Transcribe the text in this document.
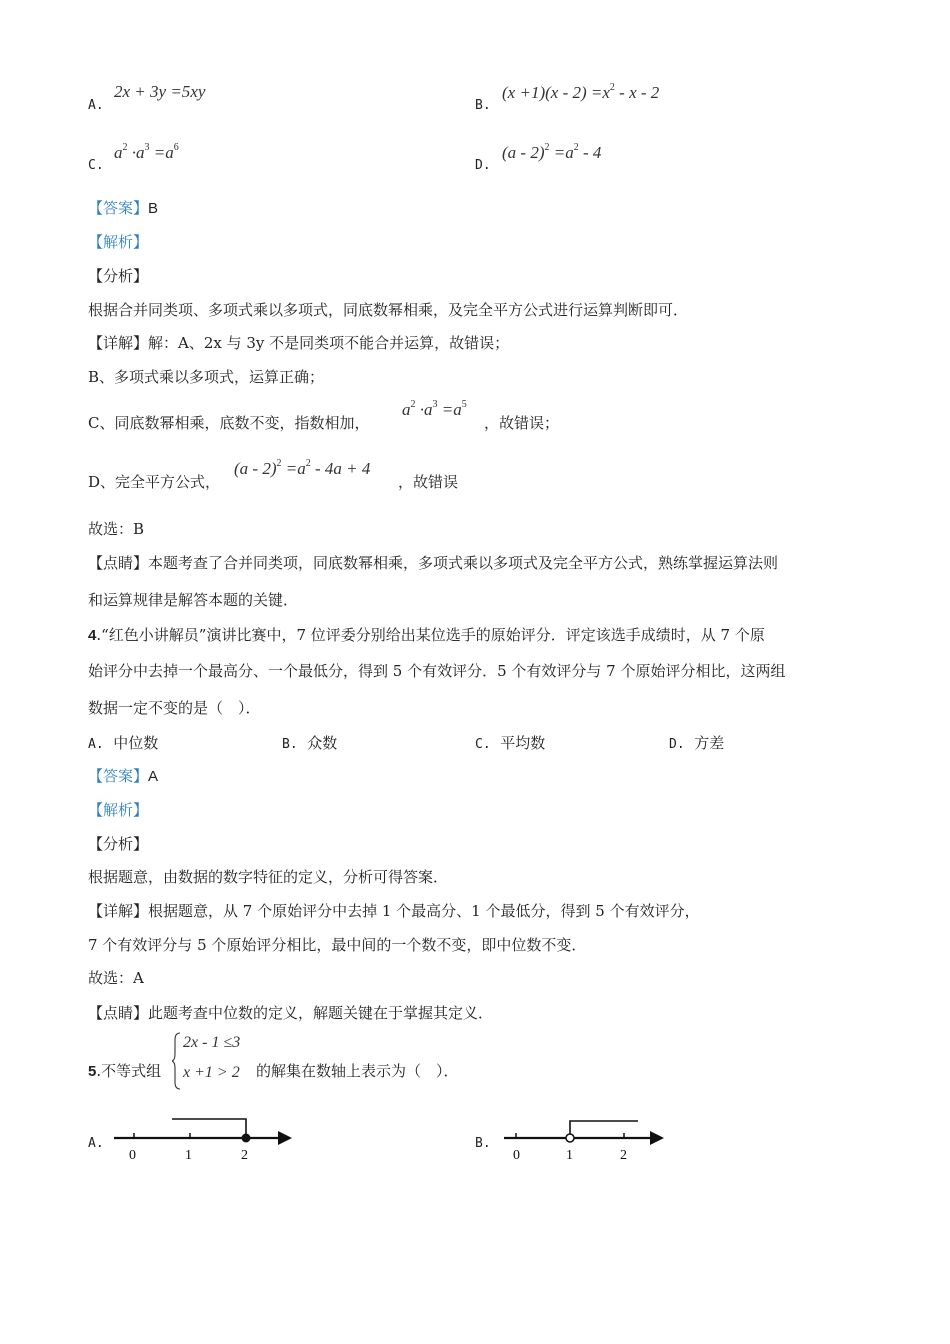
A.
2x + 3y =5xy
B.
$(x +1)(x - 2) =x^2 - x - 2$
C.
$a^2 \cdot a^3 =a^6$
D.
$(a - 2)^2 =a^2 - 4$
【答案】B
【解析】
【分析】
根据合并同类项、多项式乘以多项式，同底数幂相乘，及完全平方公式进行运算判断即可．
【详解】解：A、2x 与 3y 不是同类项不能合并运算，故错误；
B、多项式乘以多项式，运算正确；
C、同底数幂相乘，底数不变，指数相加，
$a^2 \cdot a^3 =a^5$
，故错误；
D、完全平方公式，
$(a - 2)^2 =a^2 - 4a + 4$
，故错误
故选：B
【点睛】本题考查了合并同类项，同底数幂相乘，多项式乘以多项式及完全平方公式，熟练掌握运算法则
和运算规律是解答本题的关键．
4.“红色小讲解员”演讲比赛中，7 位评委分别给出某位选手的原始评分．评定该选手成绩时，从 7 个原
始评分中去掉一个最高分、一个最低分，得到 5 个有效评分．5 个有效评分与 7 个原始评分相比，这两组
数据一定不变的是（　）．
A. 中位数	B. 众数	C. 平均数	D. 方差
【答案】A
【解析】
【分析】
根据题意，由数据的数字特征的定义，分析可得答案．
【详解】根据题意，从 7 个原始评分中去掉 1 个最高分、1 个最低分，得到 5 个有效评分，
7 个有效评分与 5 个原始评分相比，最中间的一个数不变，即中位数不变．
故选：A
【点睛】此题考查中位数的定义，解题关键在于掌握其定义．
5.不等式组
2x - 1 ≤3
x +1 > 2 的解集在数轴上表示为（　）．
A.
0	1	2
B.
0	1	2
